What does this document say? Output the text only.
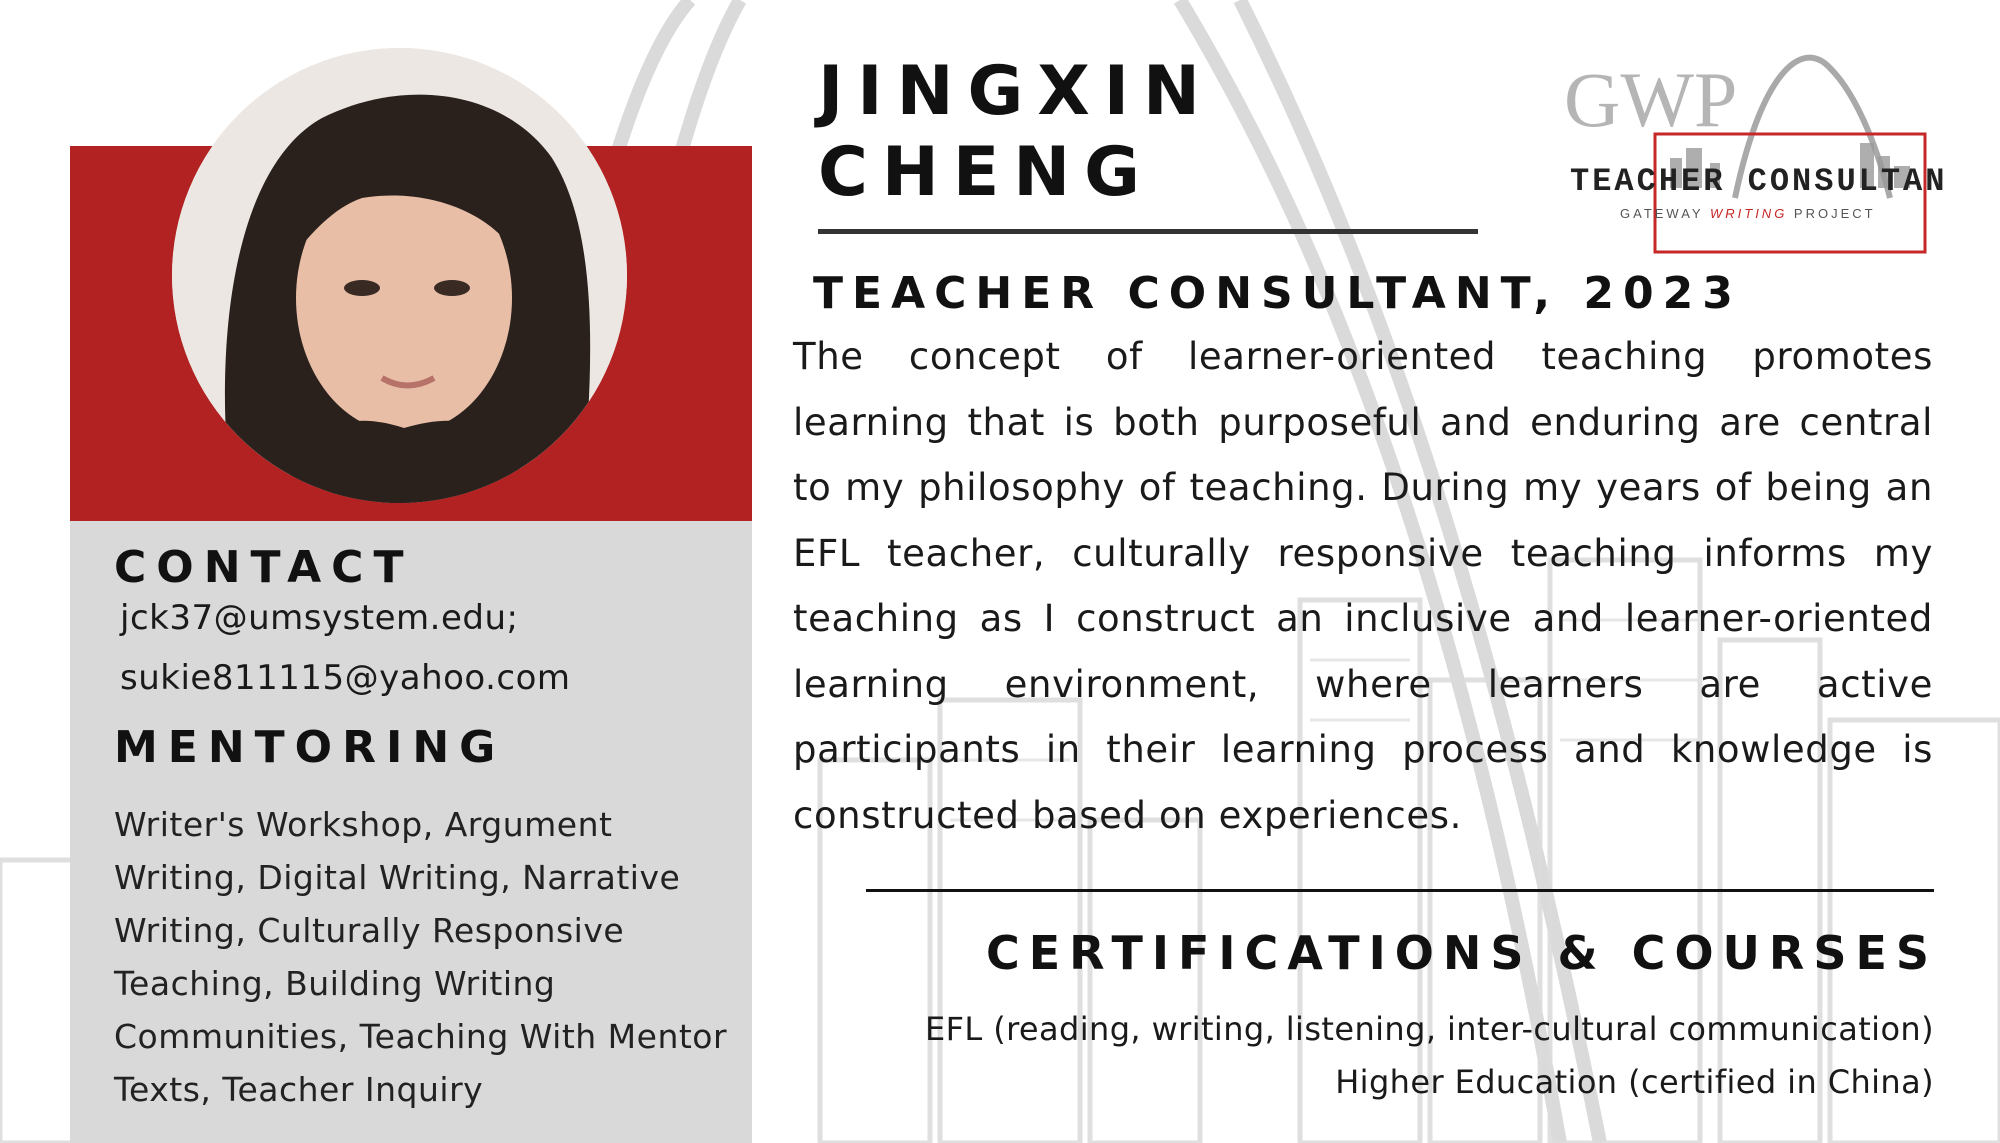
CONTACT
jck37@umsystem.edu;
sukie811115@yahoo.com
MENTORING
Writer's Workshop, Argument Writing, Digital Writing, Narrative Writing, Culturally Responsive Teaching, Building Writing Communities, Teaching With Mentor Texts, Teacher Inquiry
JINGXIN
CHENG
TEACHER CONSULTANT, 2023
The concept of learner-oriented teaching promotes learning that is both purposeful and enduring are central to my philosophy of teaching. During my years of being an EFL teacher, culturally responsive teaching informs my teaching as I construct an inclusive and learner-oriented learning environment, where learners are active participants in their learning process and knowledge is constructed based on experiences.
CERTIFICATIONS & COURSES
EFL (reading, writing, listening, inter-cultural communication)
Higher Education (certified in China)
GWP
TEACHER CONSULTANT
GATEWAY WRITING PROJECT
